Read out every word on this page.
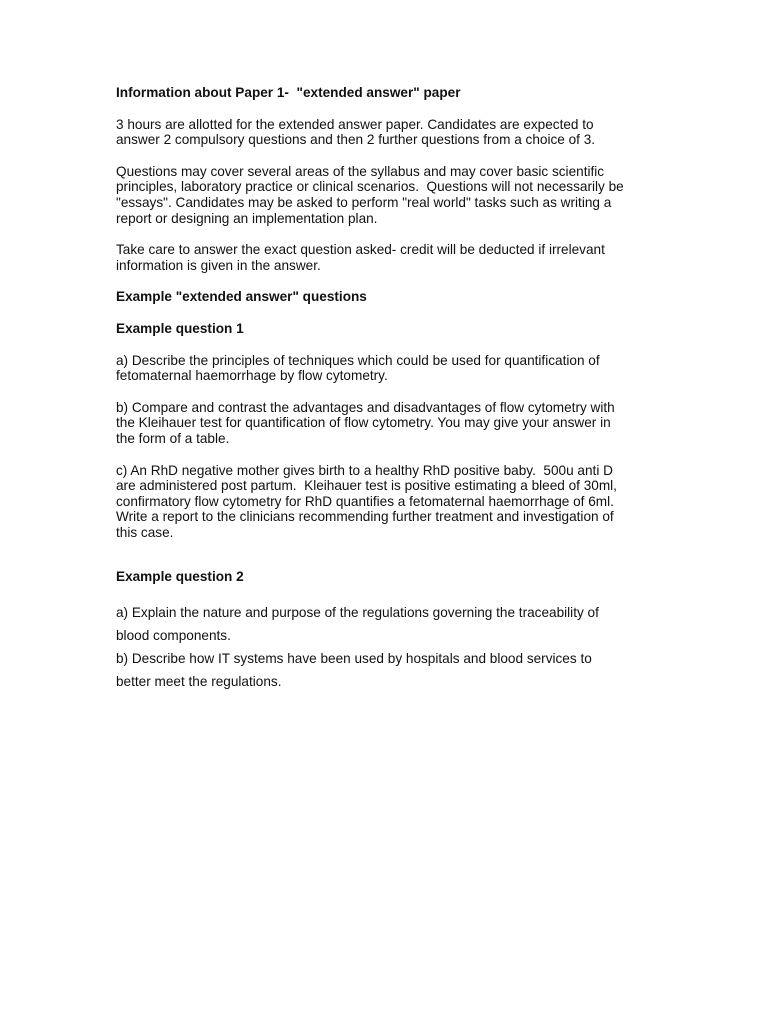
Information about Paper 1-  "extended answer" paper
3 hours are allotted for the extended answer paper. Candidates are expected to
answer 2 compulsory questions and then 2 further questions from a choice of 3.
Questions may cover several areas of the syllabus and may cover basic scientific
principles, laboratory practice or clinical scenarios.  Questions will not necessarily be
"essays". Candidates may be asked to perform "real world" tasks such as writing a
report or designing an implementation plan.
Take care to answer the exact question asked- credit will be deducted if irrelevant
information is given in the answer.
Example "extended answer" questions
Example question 1
a) Describe the principles of techniques which could be used for quantification of
fetomaternal haemorrhage by flow cytometry.
b) Compare and contrast the advantages and disadvantages of flow cytometry with
the Kleihauer test for quantification of flow cytometry. You may give your answer in
the form of a table.
c) An RhD negative mother gives birth to a healthy RhD positive baby.  500u anti D
are administered post partum.  Kleihauer test is positive estimating a bleed of 30ml,
confirmatory flow cytometry for RhD quantifies a fetomaternal haemorrhage of 6ml.
Write a report to the clinicians recommending further treatment and investigation of
this case.
Example question 2
a) Explain the nature and purpose of the regulations governing the traceability of
blood components.
b) Describe how IT systems have been used by hospitals and blood services to
better meet the regulations.
